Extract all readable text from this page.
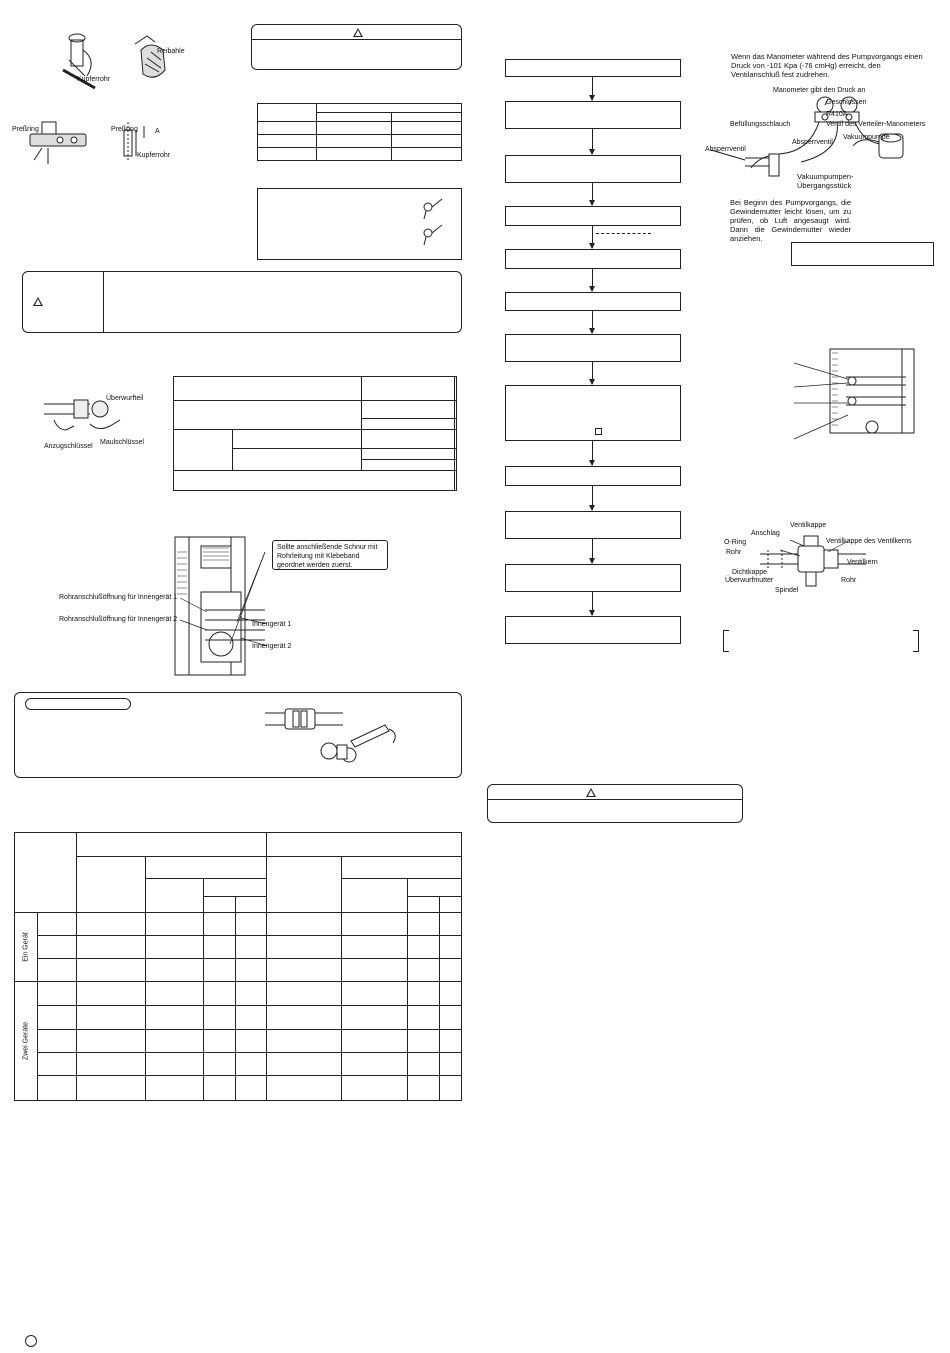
Kupferrohr
Reibahle
Preßring	Preßring A
Kupferrohr

Überwurfteil
Anzugschlüssel
Maulschlüssel

Sollte anschließende Schnur mit Rohrleitung mit Klebeband geordnet werden zuerst.
Rohranschlußöffnung für Innengerät 1
Rohranschlußöffnung für Innengerät 2
Innengerät 1
Innengerät 2

Ein Gerät									

Zwei Geräte									

Wenn das Manometer während des Pumpvorgangs einen Druck von -101 Kpa (-76 cmHg) erreicht, den Ventilanschluß fest zudrehen.
Manometer gibt den Druck an
Geschlossen
R410A
Ventil des Verteiler-Manometers
Befüllungsschlauch
Vakuumpumpe
Absperrventil
Absperrventil
Vakuumpumpen-Übergangsstück
Bei Beginn des Pumpvorgangs, die Gewindemutter leicht lösen, um zu prüfen, ob Luft angesaugt wird. Dann die Gewindemutter wieder anziehen.
Ventilkappe
Anschlag
O-Ring	Ventilkappe des Ventilkerns
Rohr
Ventilkern
Dichtkappe
Überwurfmutter	Rohr
Spindel
